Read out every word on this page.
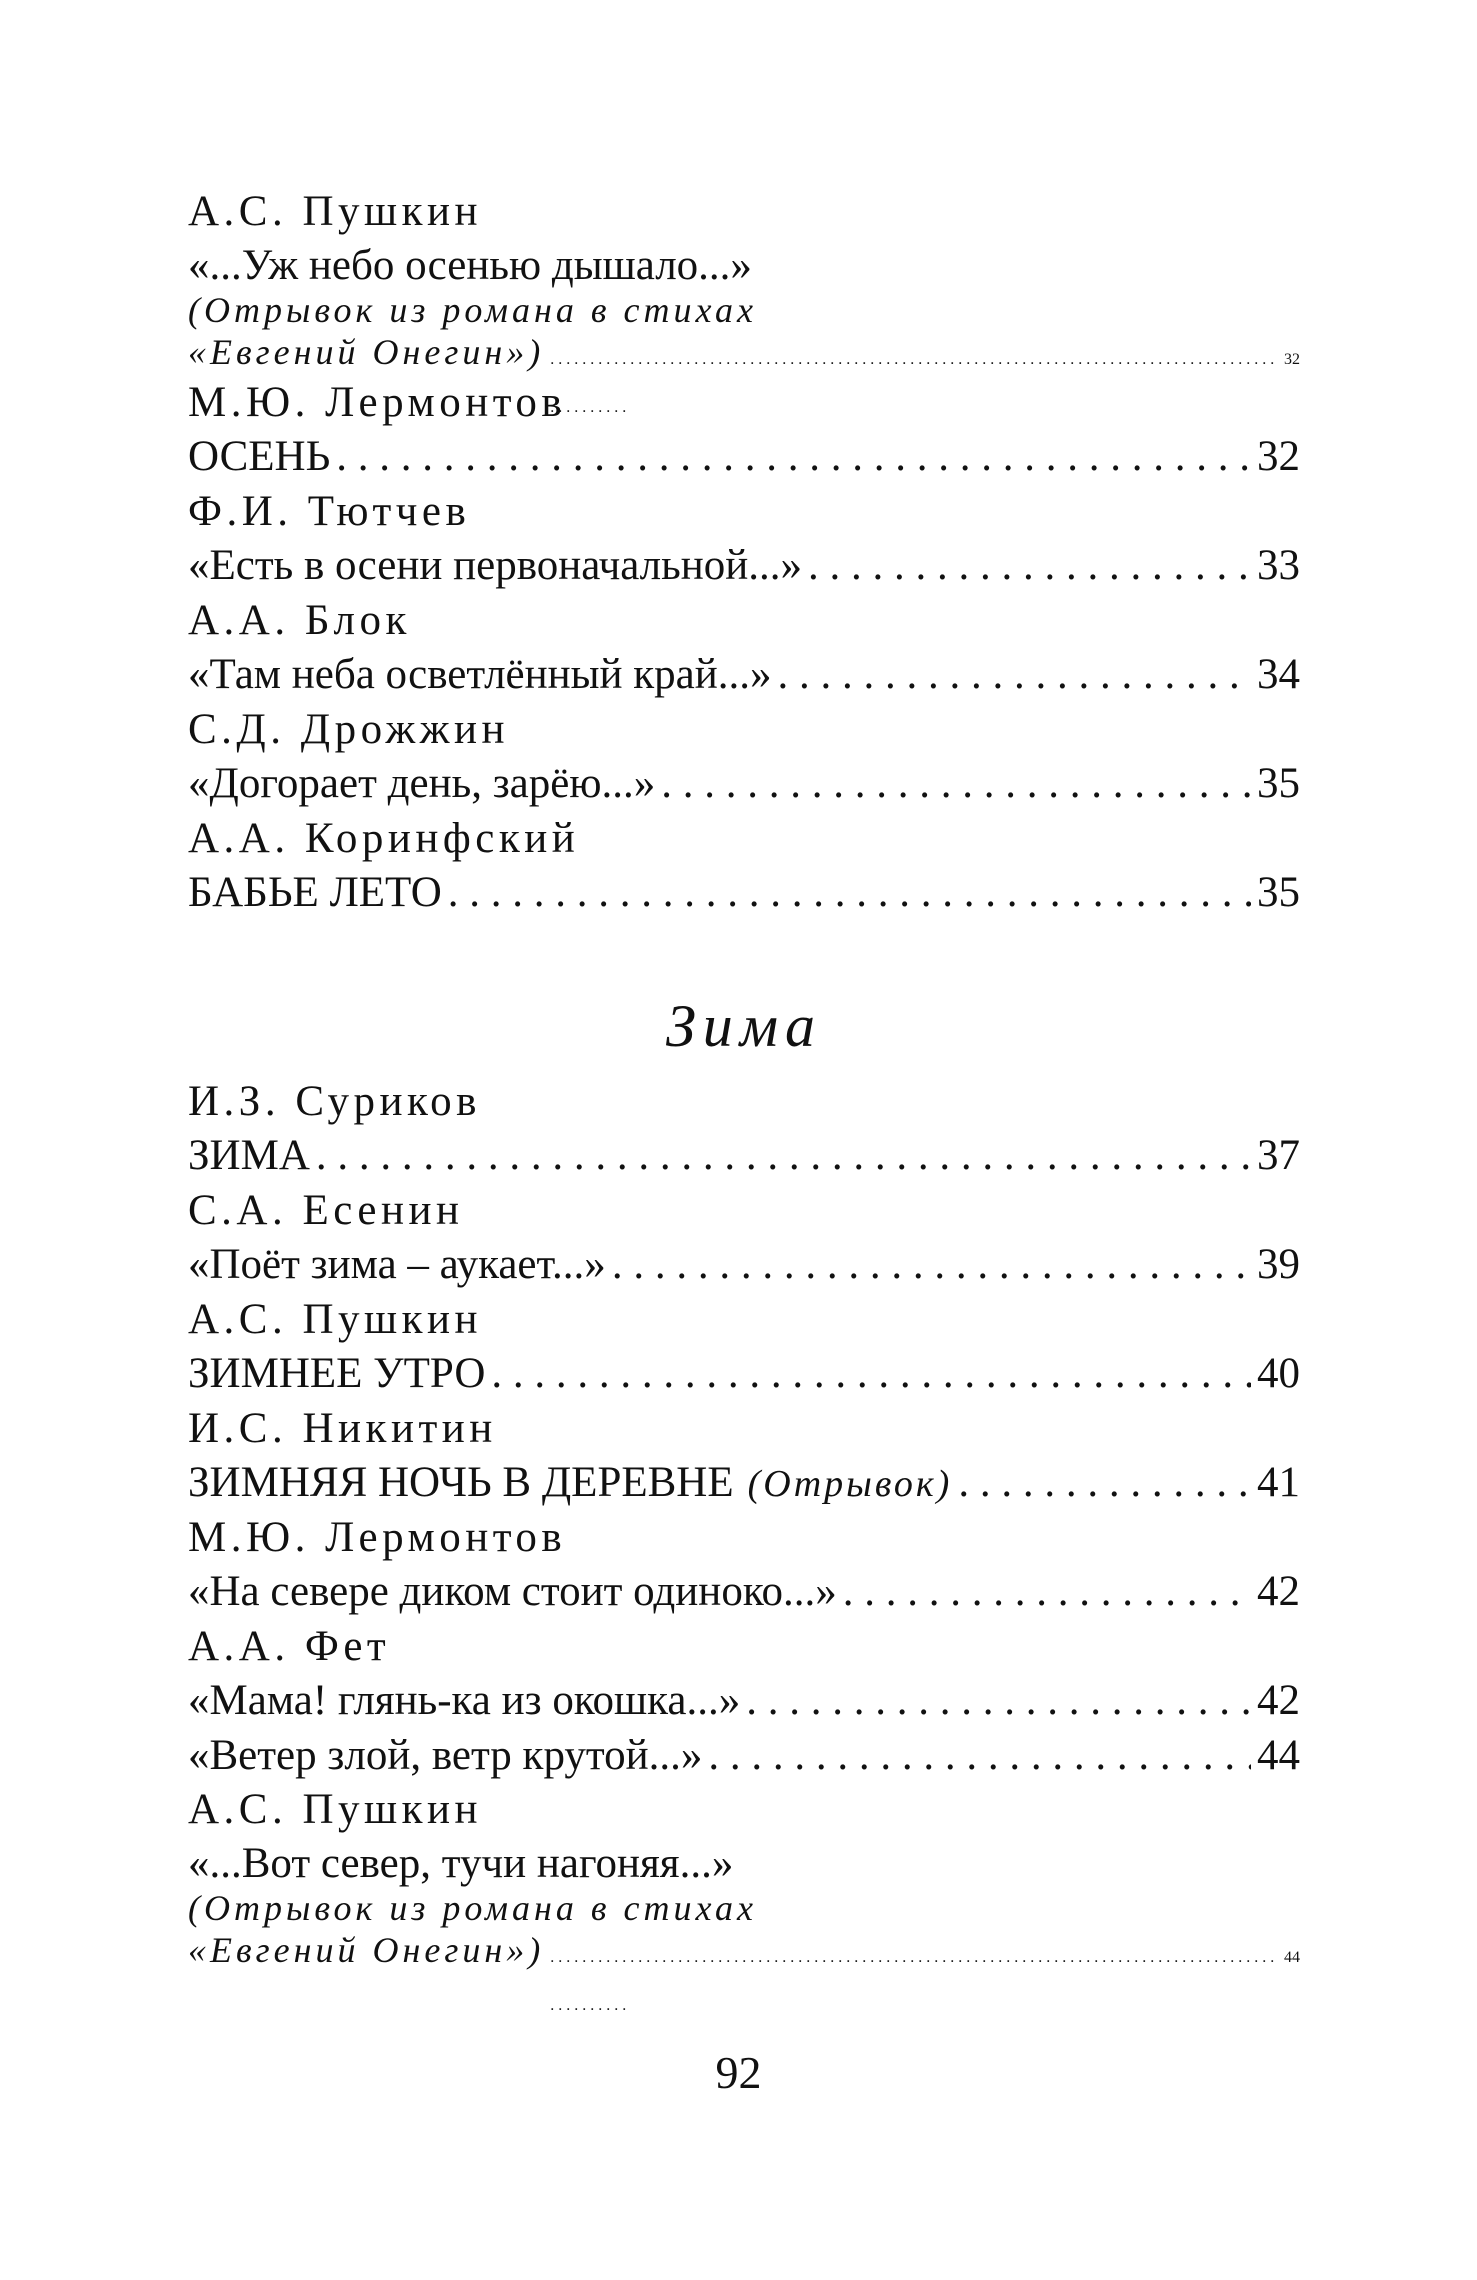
А.С. Пушкин
«...Уж небо осенью дышало...»
(Отрывок из романа в стихах
«Евгений Онегин») . . .	32
М.Ю. Лермонтов
ОСЕНЬ . . .	32
Ф.И. Тютчев
«Есть в осени первоначальной...» . . .	33
А.А. Блок
«Там неба осветлённый край...» . . .	34
С.Д. Дрожжин
«Догорает день, зарёю...» . . .	35
А.А. Коринфский
БАБЬЕ ЛЕТО . . .	35
Зима
И.З. Суриков
ЗИМА . . .	37
С.А. Есенин
«Поёт зима – аукает...» . . .	39
А.С. Пушкин
ЗИМНЕЕ УТРО . . .	40
И.С. Никитин
ЗИМНЯЯ НОЧЬ В ДЕРЕВНЕ (Отрывок) . . .	41
М.Ю. Лермонтов
«На севере диком стоит одиноко...» . . .	42
А.А. Фет
«Мама! глянь-ка из окошка...» . . .	42
«Ветер злой, ветр крутой...» . . .	44
А.С. Пушкин
«...Вот север, тучи нагоняя...»
(Отрывок из романа в стихах
«Евгений Онегин») . . .	44
92
